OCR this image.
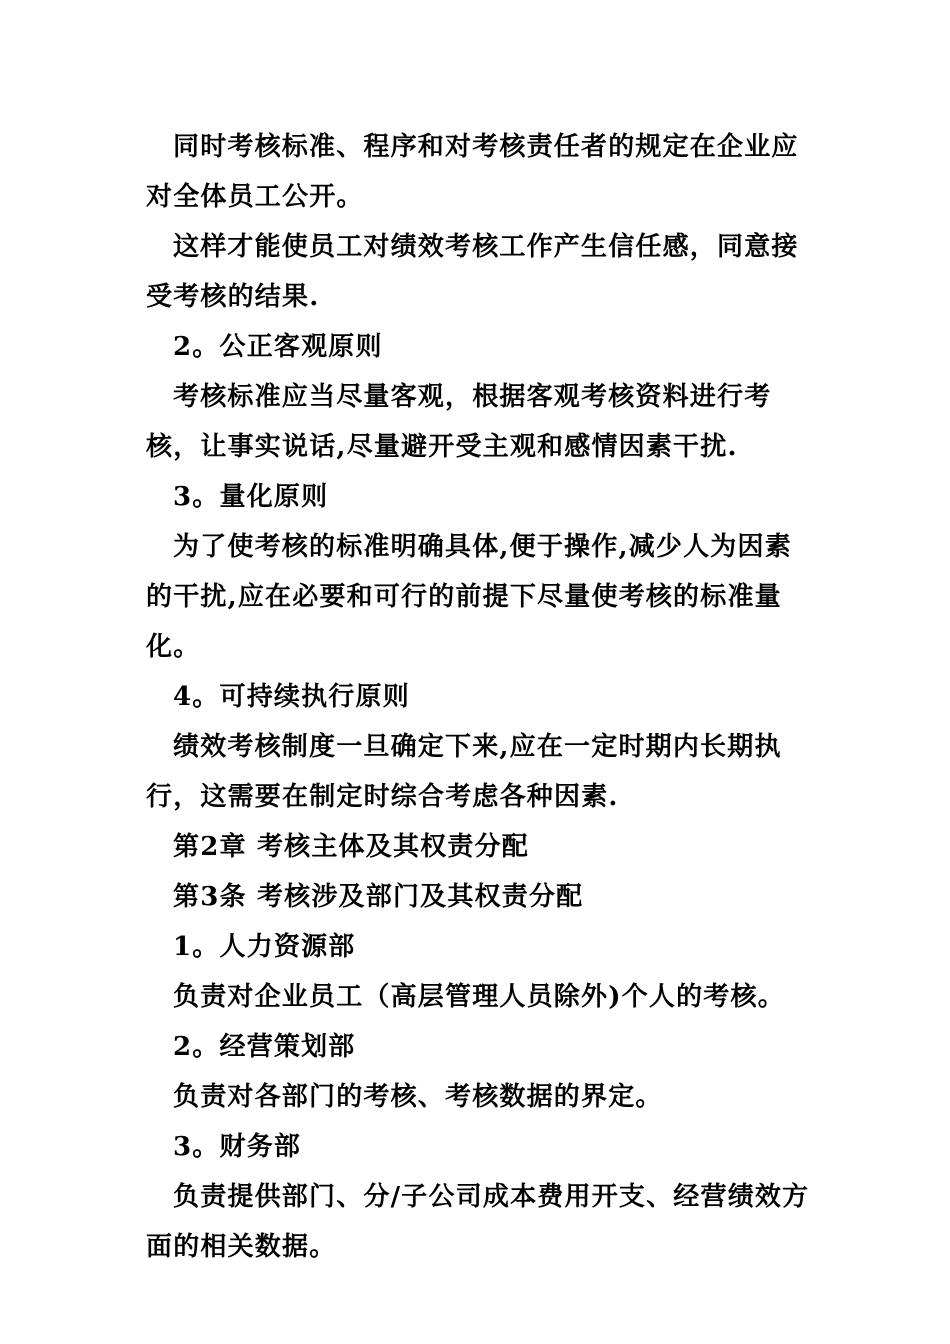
同时考核标准、程序和对考核责任者的规定在企业应对全体员工公开。

这样才能使员工对绩效考核工作产生信任感，同意接受考核的结果.

2。公正客观原则

考核标准应当尽量客观，根据客观考核资料进行考核，让事实说话,尽量避开受主观和感情因素干扰.

3。量化原则

为了使考核的标准明确具体,便于操作,减少人为因素的干扰,应在必要和可行的前提下尽量使考核的标准量化。

4。可持续执行原则

绩效考核制度一旦确定下来,应在一定时期内长期执行，这需要在制定时综合考虑各种因素.

第2章 考核主体及其权责分配

第3条 考核涉及部门及其权责分配

1。人力资源部

负责对企业员工（高层管理人员除外)个人的考核。

2。经营策划部

负责对各部门的考核、考核数据的界定。

3。财务部

负责提供部门、分/子公司成本费用开支、经营绩效方面的相关数据。
